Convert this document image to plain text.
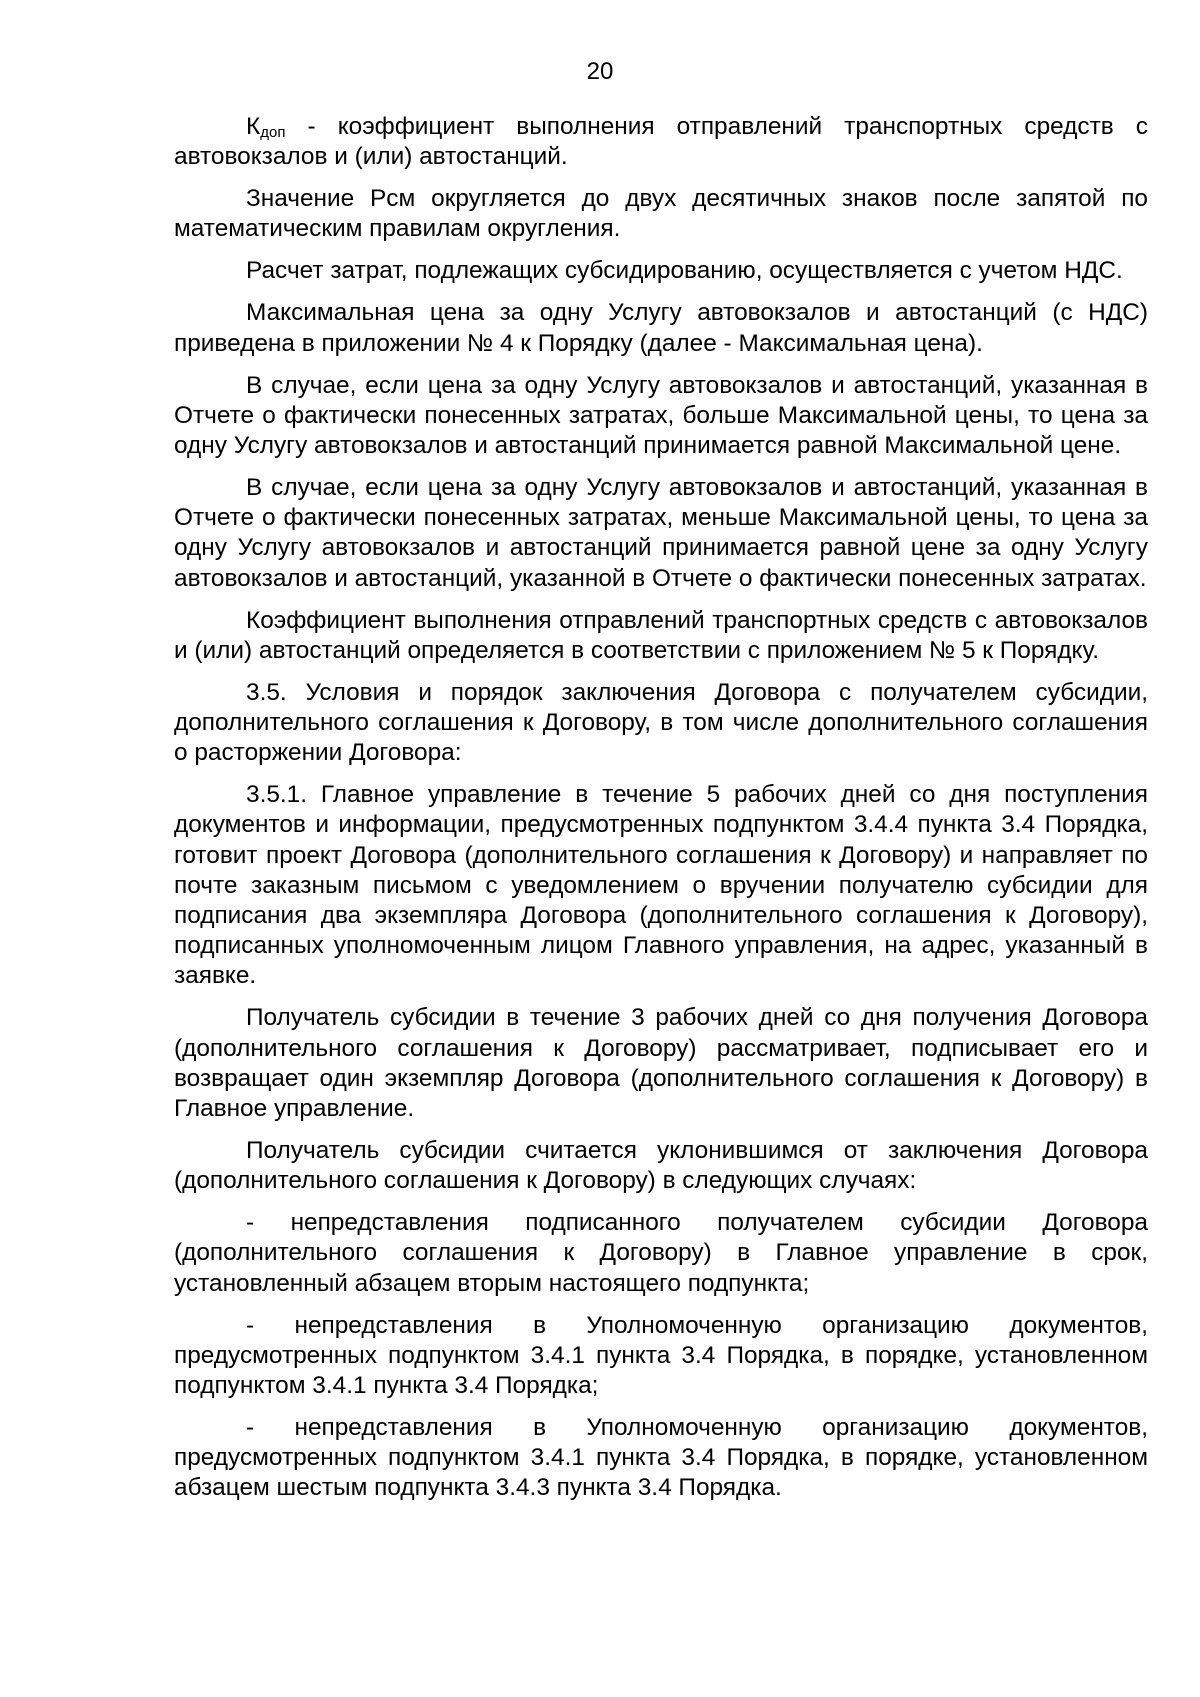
20

$К_{доп}$ - коэффициент выполнения отправлений транспортных средств с автовокзалов и (или) автостанций.

Значение Рсм округляется до двух десятичных знаков после запятой по математическим правилам округления.

Расчет затрат, подлежащих субсидированию, осуществляется с учетом НДС.

Максимальная цена за одну Услугу автовокзалов и автостанций (с НДС) приведена в приложении № 4 к Порядку (далее - Максимальная цена).

В случае, если цена за одну Услугу автовокзалов и автостанций, указанная в Отчете о фактически понесенных затратах, больше Максимальной цены, то цена за одну Услугу автовокзалов и автостанций принимается равной Максимальной цене.

В случае, если цена за одну Услугу автовокзалов и автостанций, указанная в Отчете о фактически понесенных затратах, меньше Максимальной цены, то цена за одну Услугу автовокзалов и автостанций принимается равной цене за одну Услугу автовокзалов и автостанций, указанной в Отчете о фактически понесенных затратах.

Коэффициент выполнения отправлений транспортных средств с автовокзалов и (или) автостанций определяется в соответствии с приложением № 5 к Порядку.

3.5. Условия и порядок заключения Договора с получателем субсидии, дополнительного соглашения к Договору, в том числе дополнительного соглашения о расторжении Договора:

3.5.1. Главное управление в течение 5 рабочих дней со дня поступления документов и информации, предусмотренных подпунктом 3.4.4 пункта 3.4 Порядка, готовит проект Договора (дополнительного соглашения к Договору) и направляет по почте заказным письмом с уведомлением о вручении получателю субсидии для подписания два экземпляра Договора (дополнительного соглашения к Договору), подписанных уполномоченным лицом Главного управления, на адрес, указанный в заявке.

Получатель субсидии в течение 3 рабочих дней со дня получения Договора (дополнительного соглашения к Договору) рассматривает, подписывает его и возвращает один экземпляр Договора (дополнительного соглашения к Договору) в Главное управление.

Получатель субсидии считается уклонившимся от заключения Договора (дополнительного соглашения к Договору) в следующих случаях:

- непредставления подписанного получателем субсидии Договора (дополнительного соглашения к Договору) в Главное управление в срок, установленный абзацем вторым настоящего подпункта;

- непредставления в Уполномоченную организацию документов, предусмотренных подпунктом 3.4.1 пункта 3.4 Порядка, в порядке, установленном подпунктом 3.4.1 пункта 3.4 Порядка;

- непредставления в Уполномоченную организацию документов, предусмотренных подпунктом 3.4.1 пункта 3.4 Порядка, в порядке, установленном абзацем шестым подпункта 3.4.3 пункта 3.4 Порядка.
